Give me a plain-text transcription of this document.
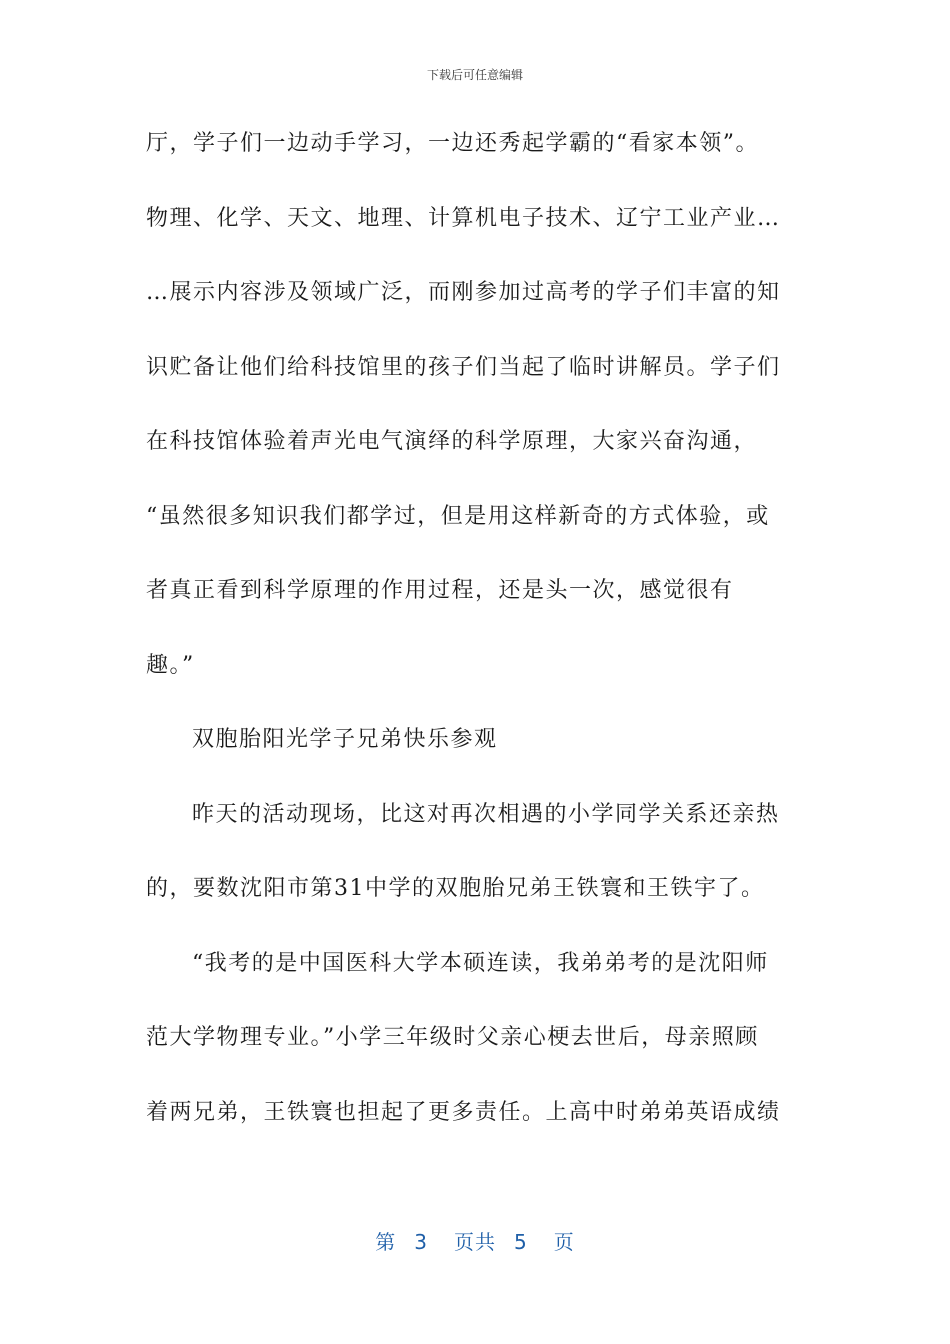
下载后可任意编辑
厅，学子们一边动手学习，一边还秀起学霸的“看家本领”。
物理、化学、天文、地理、计算机电子技术、辽宁工业产业…
…展示内容涉及领域广泛，而刚参加过高考的学子们丰富的知
识贮备让他们给科技馆里的孩子们当起了临时讲解员。学子们
在科技馆体验着声光电气演绎的科学原理，大家兴奋沟通，
“虽然很多知识我们都学过，但是用这样新奇的方式体验，或
者真正看到科学原理的作用过程，还是头一次，感觉很有
趣。”
双胞胎阳光学子兄弟快乐参观
昨天的活动现场，比这对再次相遇的小学同学关系还亲热
的，要数沈阳市第31中学的双胞胎兄弟王铁寰和王铁宇了。
“我考的是中国医科大学本硕连读，我弟弟考的是沈阳师
范大学物理专业。”小学三年级时父亲心梗去世后，母亲照顾
着两兄弟，王铁寰也担起了更多责任。上高中时弟弟英语成绩
第 3 页共 5 页
